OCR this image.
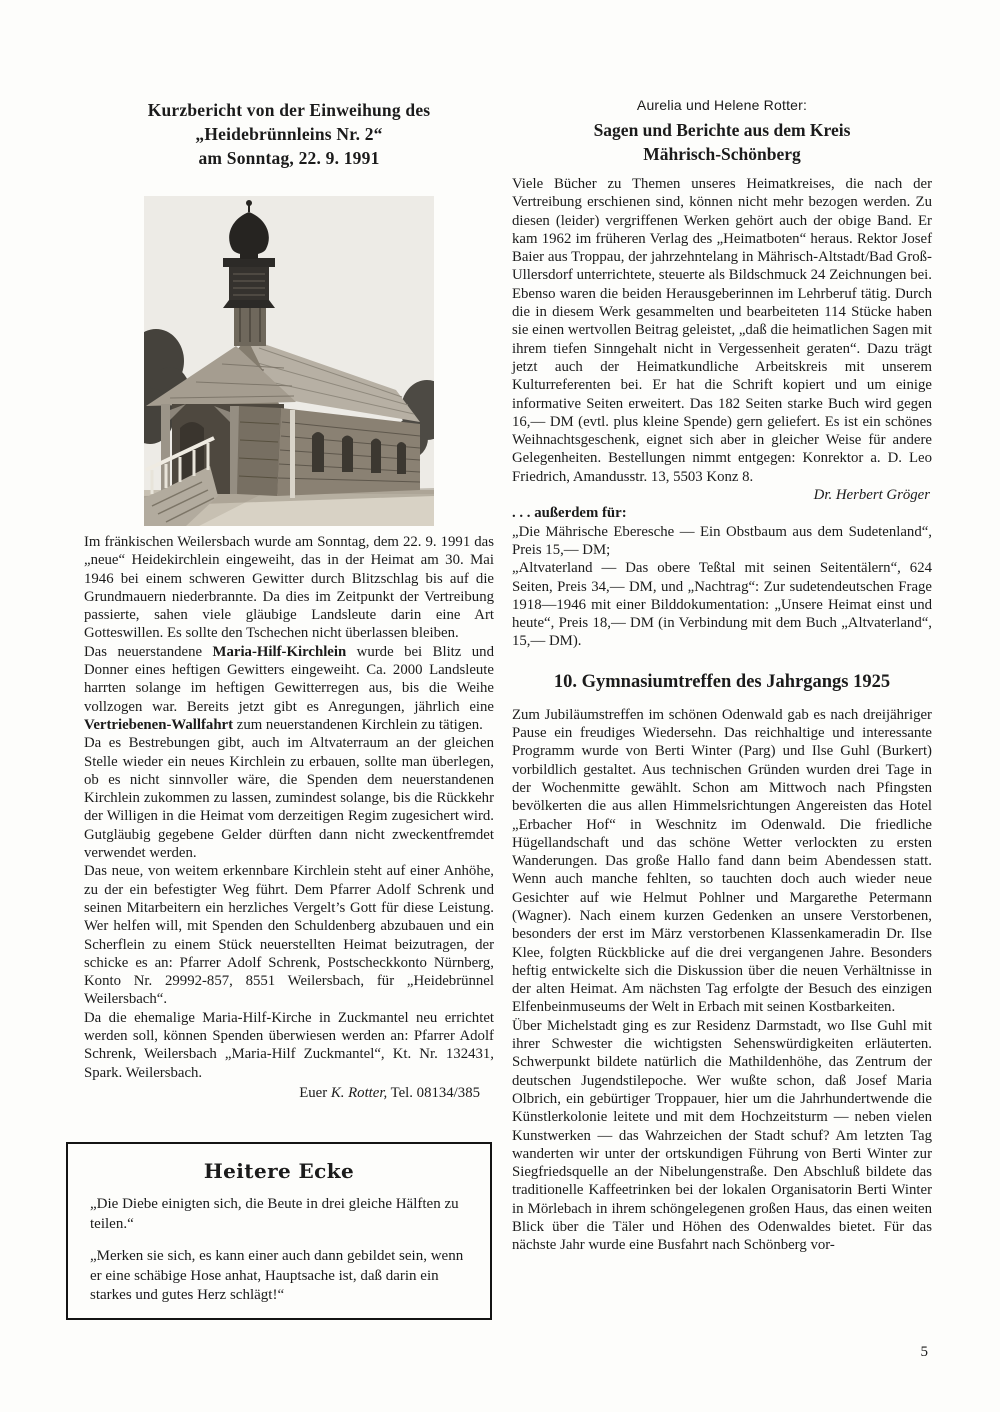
Kurzbericht von der Einweihung des
„Heidebrünnleins Nr. 2“
am Sonntag, 22. 9. 1991

Im fränkischen Weilersbach wurde am Sonntag, dem 22. 9. 1991 das „neue“ Heidekirchlein eingeweiht, das in der Heimat am 30. Mai 1946 bei einem schweren Gewitter durch Blitzschlag bis auf die Grundmauern niederbrannte. Da dies im Zeitpunkt der Vertreibung passierte, sahen viele gläubige Landsleute darin eine Art Gotteswillen. Es sollte den Tschechen nicht überlassen bleiben.

Das neuerstandene Maria-Hilf-Kirchlein wurde bei Blitz und Donner eines heftigen Gewitters eingeweiht. Ca. 2000 Landsleute harrten solange im heftigen Gewitterregen aus, bis die Weihe vollzogen war. Bereits jetzt gibt es Anregungen, jährlich eine Vertriebenen-Wallfahrt zum neuerstandenen Kirchlein zu tätigen.

Da es Bestrebungen gibt, auch im Altvaterraum an der gleichen Stelle wieder ein neues Kirchlein zu erbauen, sollte man überlegen, ob es nicht sinnvoller wäre, die Spenden dem neuerstandenen Kirchlein zukommen zu lassen, zumindest solange, bis die Rückkehr der Willigen in die Heimat vom derzeitigen Regim zugesichert wird. Gutgläubig gegebene Gelder dürften dann nicht zweckentfremdet verwendet werden.

Das neue, von weitem erkennbare Kirchlein steht auf einer Anhöhe, zu der ein befestigter Weg führt. Dem Pfarrer Adolf Schrenk und seinen Mitarbeitern ein herzliches Vergelt’s Gott für diese Leistung. Wer helfen will, mit Spenden den Schuldenberg abzubauen und ein Scherflein zu einem Stück neuerstellten Heimat beizutragen, der schicke es an: Pfarrer Adolf Schrenk, Postscheckkonto Nürnberg, Konto Nr. 29992-857, 8551 Weilersbach, für „Heidebrünnel Weilersbach“.

Da die ehemalige Maria-Hilf-Kirche in Zuckmantel neu errichtet werden soll, können Spenden überwiesen werden an: Pfarrer Adolf Schrenk, Weilersbach „Maria-Hilf Zuckmantel“, Kt. Nr. 132431, Spark. Weilersbach.

Euer K. Rotter, Tel. 08134/385

Heitere Ecke

„Die Diebe einigten sich, die Beute in drei gleiche Hälften zu teilen.“

„Merken sie sich, es kann einer auch dann gebildet sein, wenn er eine schäbige Hose anhat, Hauptsache ist, daß darin ein starkes und gutes Herz schlägt!“

Aurelia und Helene Rotter:
Sagen und Berichte aus dem Kreis
Mährisch-Schönberg

Viele Bücher zu Themen unseres Heimatkreises, die nach der Vertreibung erschienen sind, können nicht mehr bezogen werden. Zu diesen (leider) vergriffenen Werken gehört auch der obige Band. Er kam 1962 im früheren Verlag des „Heimatboten“ heraus. Rektor Josef Baier aus Troppau, der jahrzehntelang in Mährisch-Altstadt/Bad Groß-Ullersdorf unterrichtete, steuerte als Bildschmuck 24 Zeichnungen bei. Ebenso waren die beiden Herausgeberinnen im Lehrberuf tätig. Durch die in diesem Werk gesammelten und bearbeiteten 114 Stücke haben sie einen wertvollen Beitrag geleistet, „daß die heimatlichen Sagen mit ihrem tiefen Sinngehalt nicht in Vergessenheit geraten“. Dazu trägt jetzt auch der Heimatkundliche Arbeitskreis mit unserem Kulturreferenten bei. Er hat die Schrift kopiert und um einige informative Seiten erweitert. Das 182 Seiten starke Buch wird gegen 16,— DM (evtl. plus kleine Spende) gern geliefert. Es ist ein schönes Weihnachtsgeschenk, eignet sich aber in gleicher Weise für andere Gelegenheiten. Bestellungen nimmt entgegen: Konrektor a. D. Leo Friedrich, Amandusstr. 13, 5503 Konz 8.

Dr. Herbert Gröger

. . . außerdem für:

„Die Mährische Eberesche — Ein Obstbaum aus dem Sudetenland“, Preis 15,— DM;

„Altvaterland — Das obere Teßtal mit seinen Seitentälern“, 624 Seiten, Preis 34,— DM, und „Nachtrag“: Zur sudetendeutschen Frage 1918—1946 mit einer Bilddokumentation: „Unsere Heimat einst und heute“, Preis 18,— DM (in Verbindung mit dem Buch „Altvaterland“, 15,— DM).

10. Gymnasiumtreffen des Jahrgangs 1925

Zum Jubiläumstreffen im schönen Odenwald gab es nach dreijähriger Pause ein freudiges Wiedersehn. Das reichhaltige und interessante Programm wurde von Berti Winter (Parg) und Ilse Guhl (Burkert) vorbildlich gestaltet. Aus technischen Gründen wurden drei Tage in der Wochenmitte gewählt. Schon am Mittwoch nach Pfingsten bevölkerten die aus allen Himmelsrichtungen Angereisten das Hotel „Erbacher Hof“ in Weschnitz im Odenwald. Die friedliche Hügellandschaft und das schöne Wetter verlockten zu ersten Wanderungen. Das große Hallo fand dann beim Abendessen statt. Wenn auch manche fehlten, so tauchten doch auch wieder neue Gesichter auf wie Helmut Pohlner und Margarethe Petermann (Wagner). Nach einem kurzen Gedenken an unsere Verstorbenen, besonders der erst im März verstorbenen Klassenkameradin Dr. Ilse Klee, folgten Rückblicke auf die drei vergangenen Jahre. Besonders heftig entwickelte sich die Diskussion über die neuen Verhältnisse in der alten Heimat. Am nächsten Tag erfolgte der Besuch des einzigen Elfenbeinmuseums der Welt in Erbach mit seinen Kostbarkeiten.

Über Michelstadt ging es zur Residenz Darmstadt, wo Ilse Guhl mit ihrer Schwester die wichtigsten Sehenswürdigkeiten erläuterten. Schwerpunkt bildete natürlich die Mathildenhöhe, das Zentrum der deutschen Jugendstilepoche. Wer wußte schon, daß Josef Maria Olbrich, ein gebürtiger Troppauer, hier um die Jahrhundertwende die Künstlerkolonie leitete und mit dem Hochzeitsturm — neben vielen Kunstwerken — das Wahrzeichen der Stadt schuf? Am letzten Tag wanderten wir unter der ortskundigen Führung von Berti Winter zur Siegfriedsquelle an der Nibelungenstraße. Den Abschluß bildete das traditionelle Kaffeetrinken bei der lokalen Organisatorin Berti Winter in Mörlebach in ihrem schöngelegenen großen Haus, das einen weiten Blick über die Täler und Höhen des Odenwaldes bietet. Für das nächste Jahr wurde eine Busfahrt nach Schönberg vor-

5
